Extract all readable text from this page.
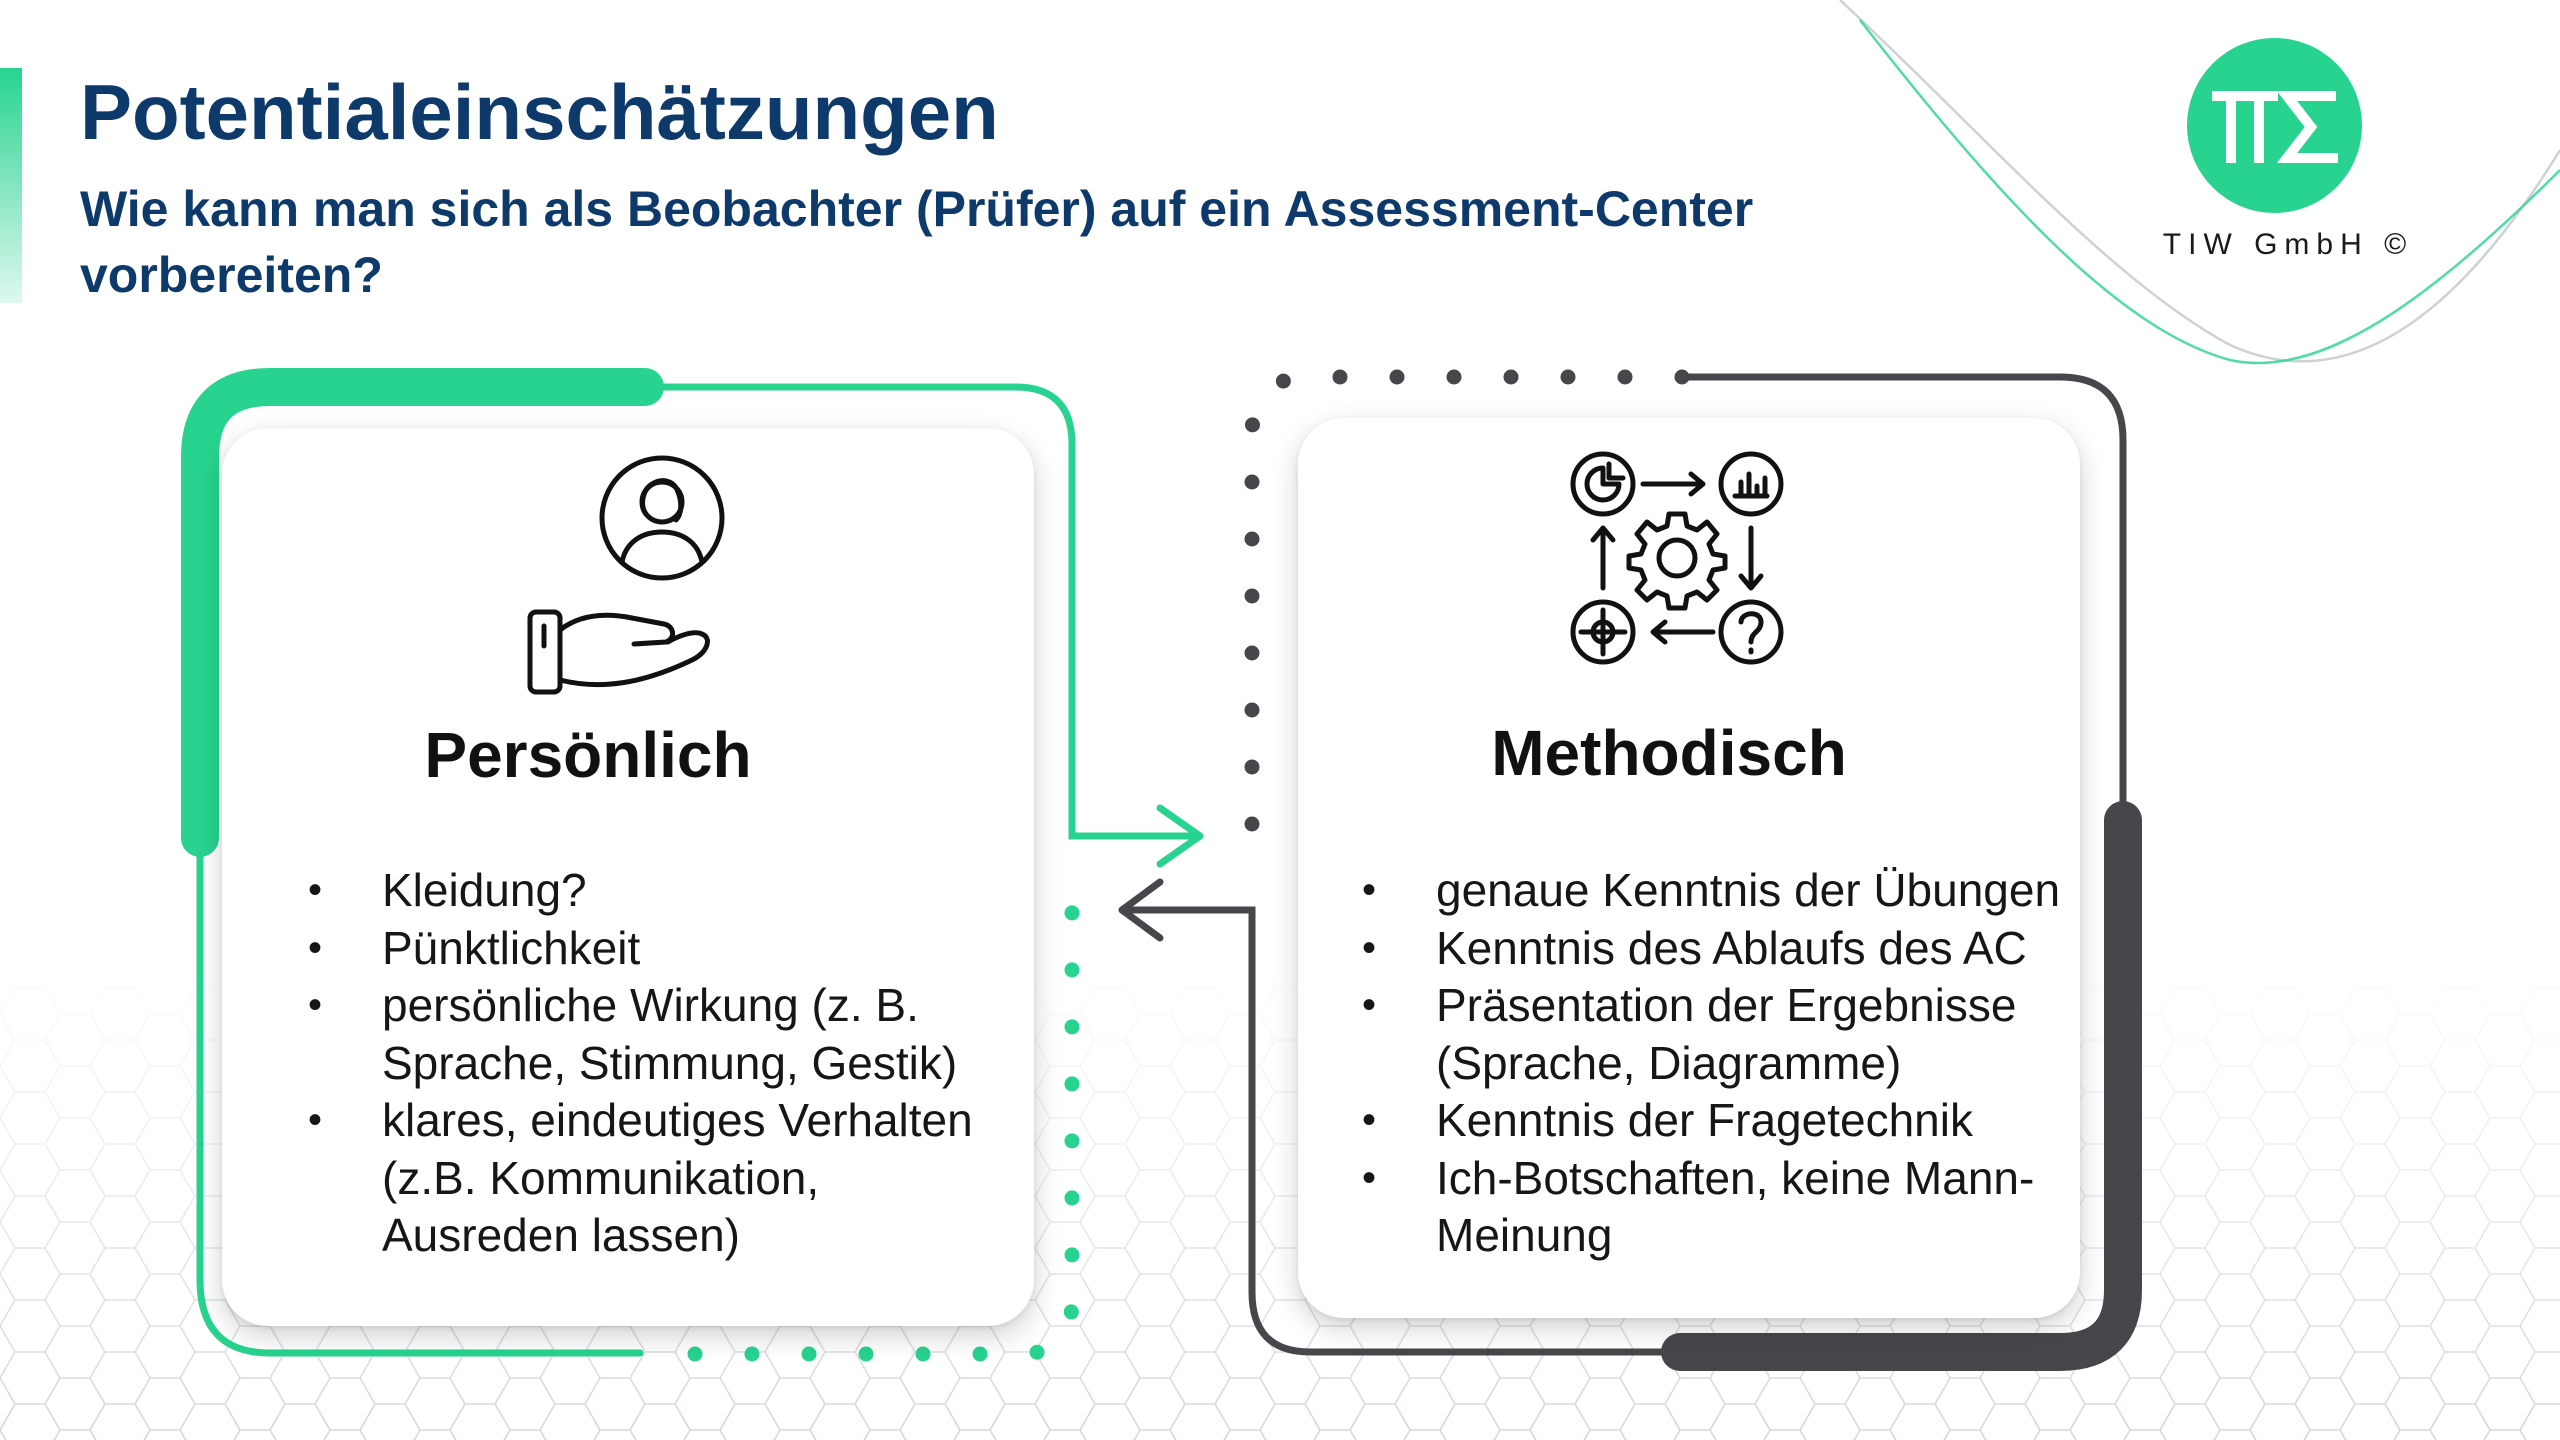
Potentialeinschätzungen

Wie kann man sich als Beobachter (Prüfer) auf ein Assessment-Center vorbereiten?

Persönlich
• Kleidung?
• Pünktlichkeit
• persönliche Wirkung (z. B. Sprache, Stimmung, Gestik)
• klares, eindeutiges Verhalten (z.B. Kommunikation, Ausreden lassen)
Methodisch
• genaue Kenntnis der Übungen
• Kenntnis des Ablaufs des AC
• Präsentation der Ergebnisse (Sprache, Diagramme)
• Kenntnis der Fragetechnik
• Ich-Botschaften, keine Mann-Meinung
TIW GmbH ©
